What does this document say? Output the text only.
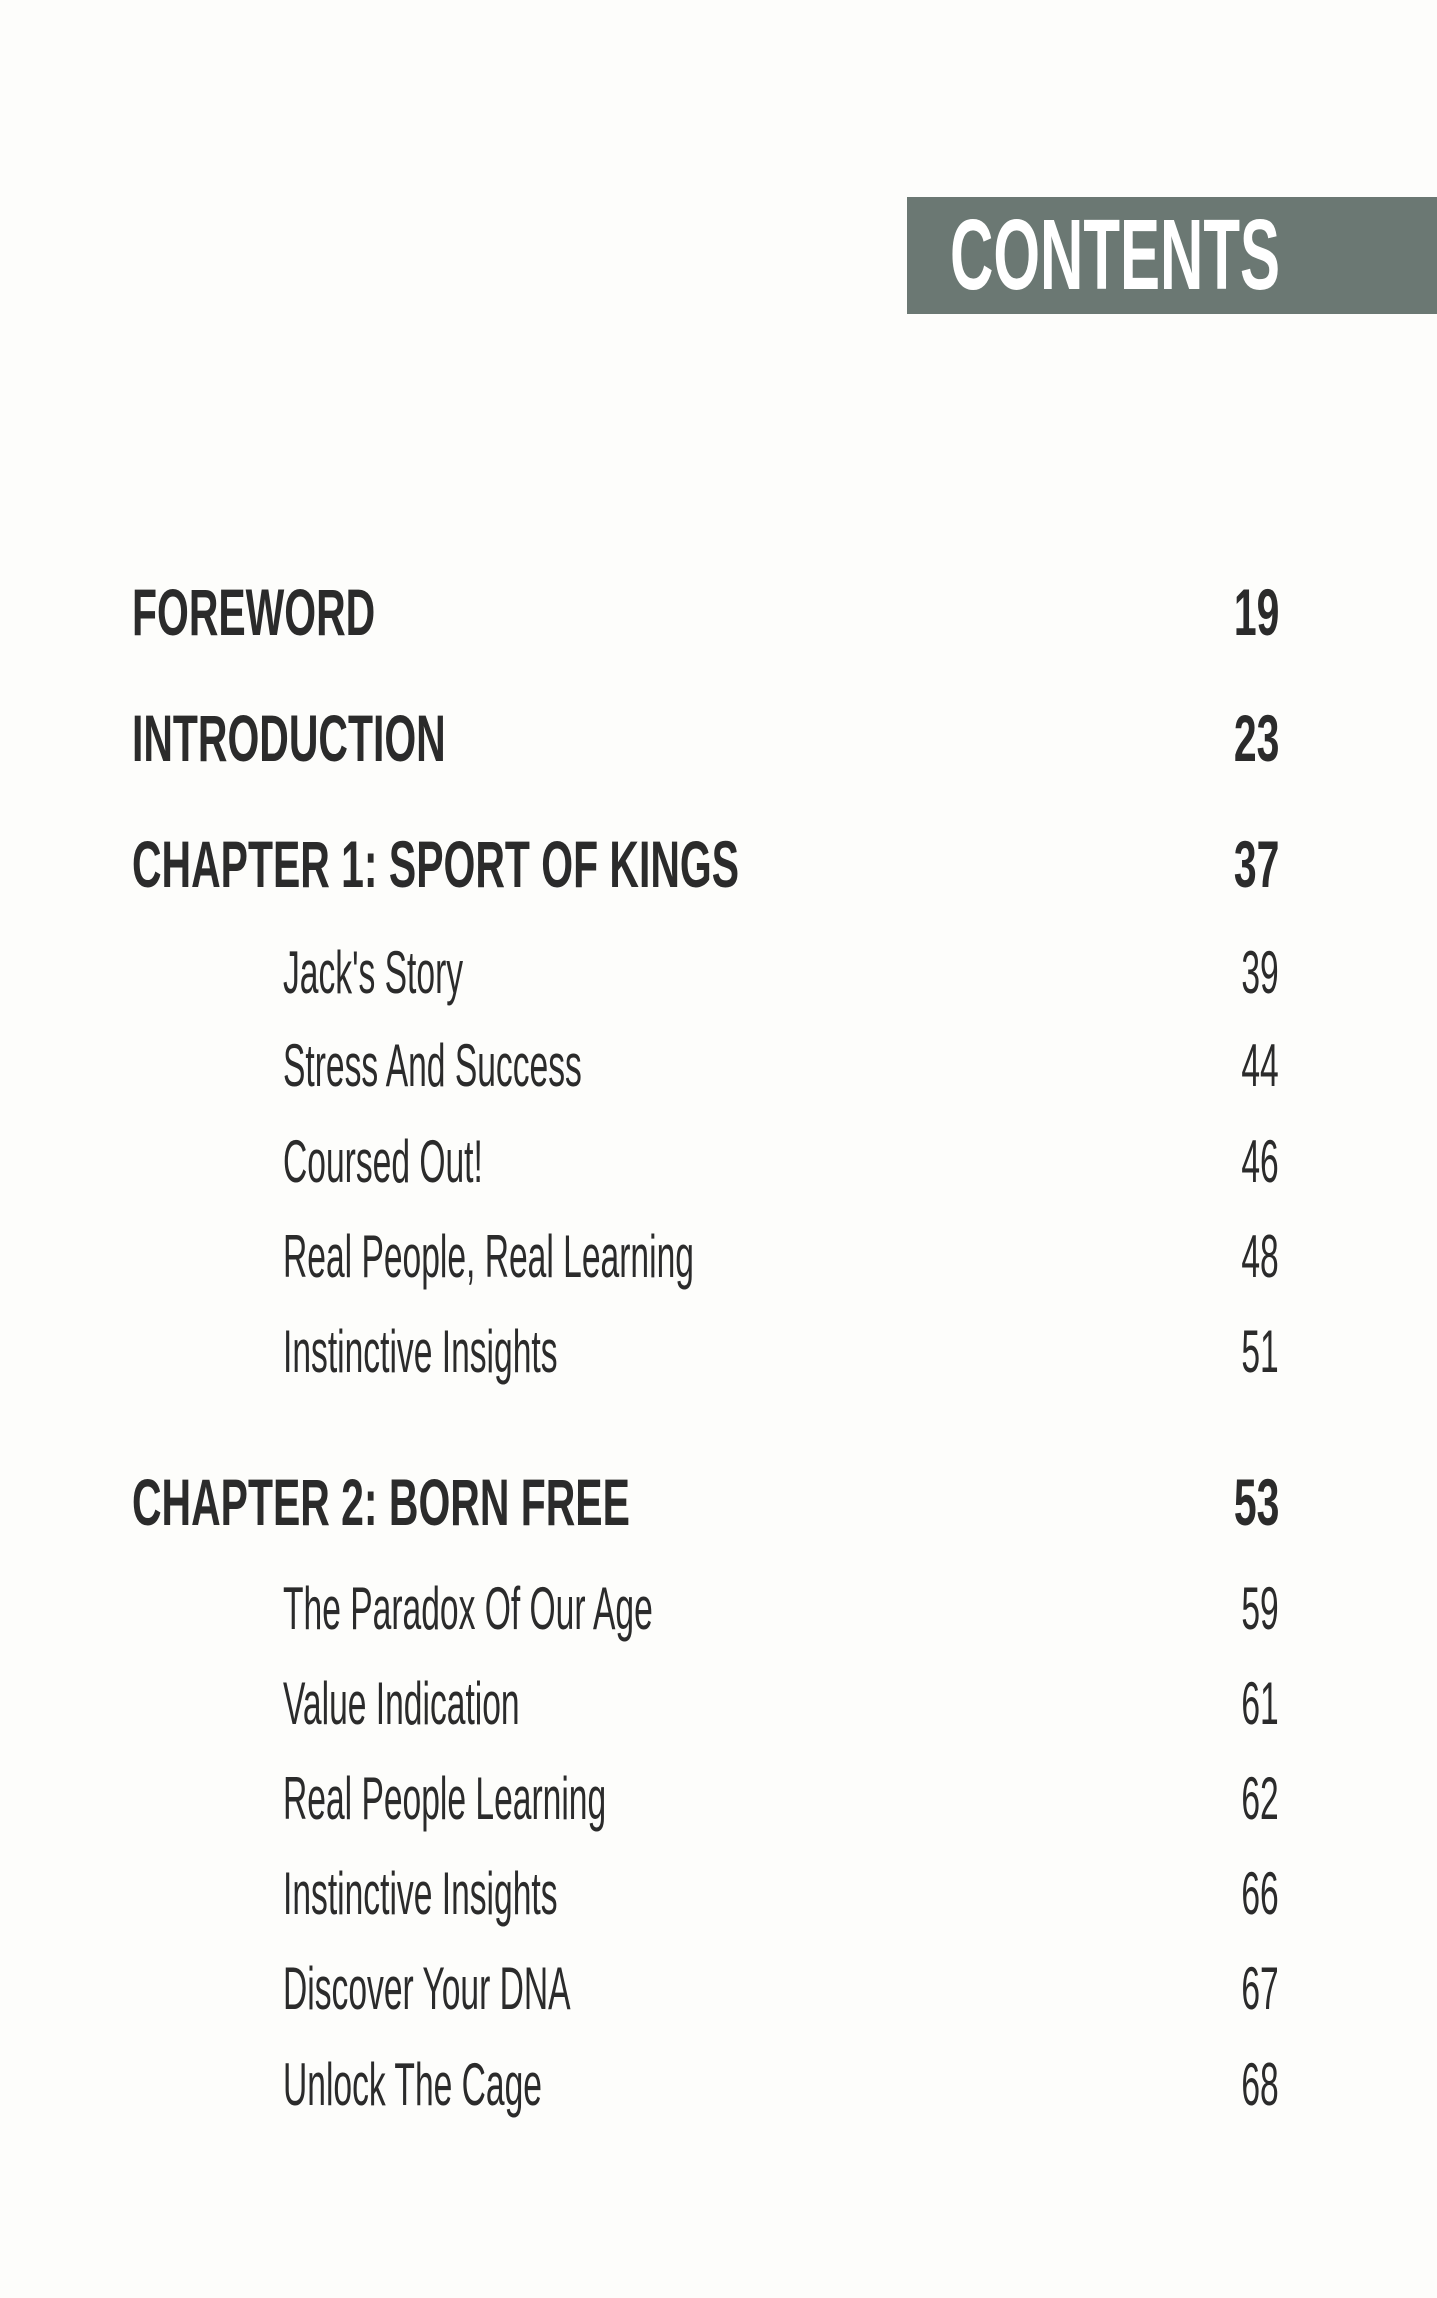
CONTENTS
FOREWORD	19
INTRODUCTION	23
CHAPTER 1: SPORT OF KINGS	37
Jack's Story	39
Stress And Success	44
Coursed Out!	46
Real People, Real Learning	48
Instinctive Insights	51
CHAPTER 2: BORN FREE	53
The Paradox Of Our Age	59
Value Indication	61
Real People Learning	62
Instinctive Insights	66
Discover Your DNA	67
Unlock The Cage	68
